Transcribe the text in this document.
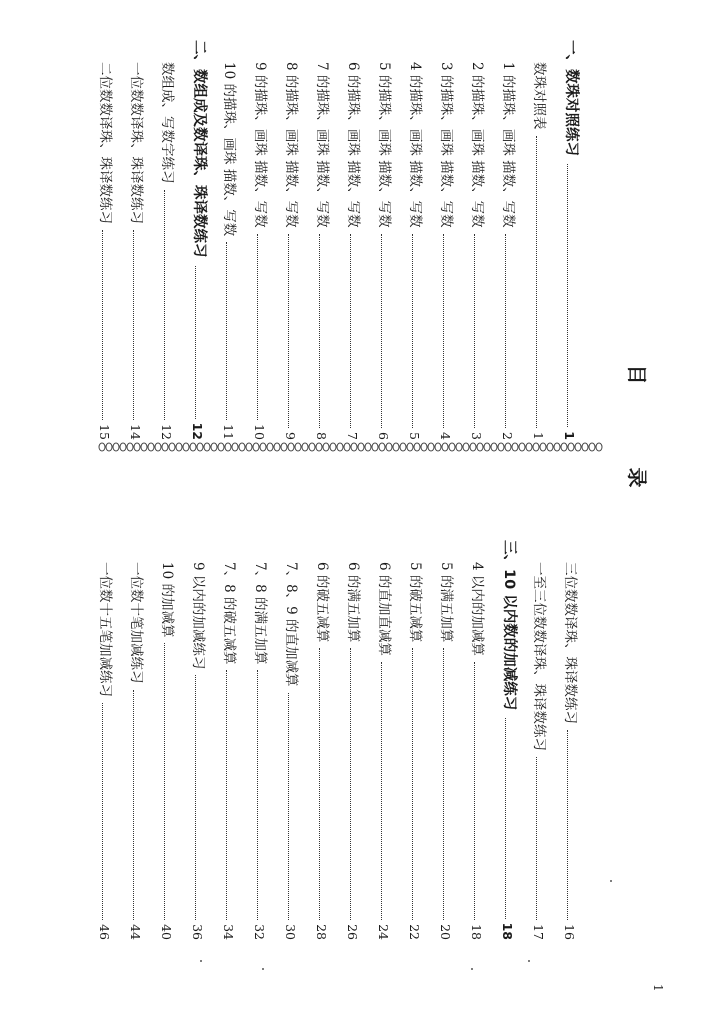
目 录
一、数珠对照练习
1
数珠对照表
1
1 的描珠、画珠 描数、写数
2
2 的描珠、画珠 描数、写数
3
3 的描珠、画珠 描数、写数
4
4 的描珠、画珠 描数、写数
5
5 的描珠、画珠 描数、写数
6
6 的描珠、画珠 描数、写数
7
7 的描珠、画珠 描数、写数
8
8 的描珠、画珠 描数、写数
9
9 的描珠、画珠 描数、写数
10
10 的描珠、画珠 描数、写数
11
二、数组成及数译珠、珠译数练习
12
数组成、写数字练习
12
一位数数译珠、珠译数练习
14
二位数数译珠、珠译数练习
15
三位数数译珠、珠译数练习
16
一至三位数数译珠、珠译数练习
17
三、10 以内数的加减练习
18
4 以内的加减算
18
5 的满五加算
20
5 的破五减算
22
6 的直加直减算
24
6 的满五加算
26
6 的破五减算
28
7、8、9 的直加减算
30
7、8 的满五加算
32
7、8 的破五减算
34
9 以内的加减练习
36
10 的加减算
40
一位数十笔加减练习
44
一位数十五笔加减练习
46
1
